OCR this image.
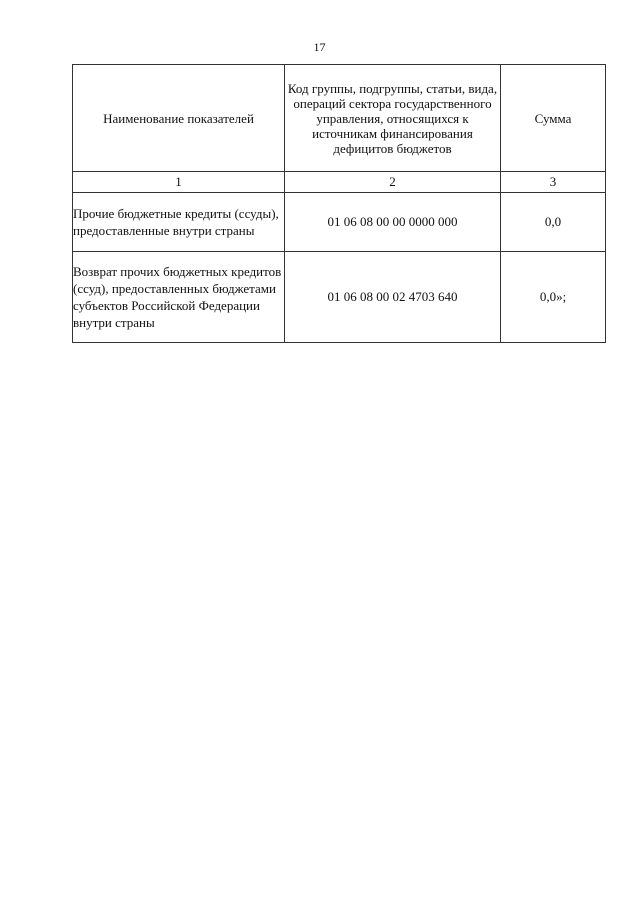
17
Наименование показателей	Код группы, подгруппы, статьи, вида, операций сектора государственного управления, относящихся к источникам финансирования дефицитов бюджетов	Сумма
1	2	3
Прочие бюджетные кредиты (ссуды), предоставленные внутри страны	01 06 08 00 00 0000 000	0,0
Возврат прочих бюджетных кредитов (ссуд), предоставленных бюджетами субъектов Российской Федерации внутри страны	01 06 08 00 02 4703 640	0,0»;
